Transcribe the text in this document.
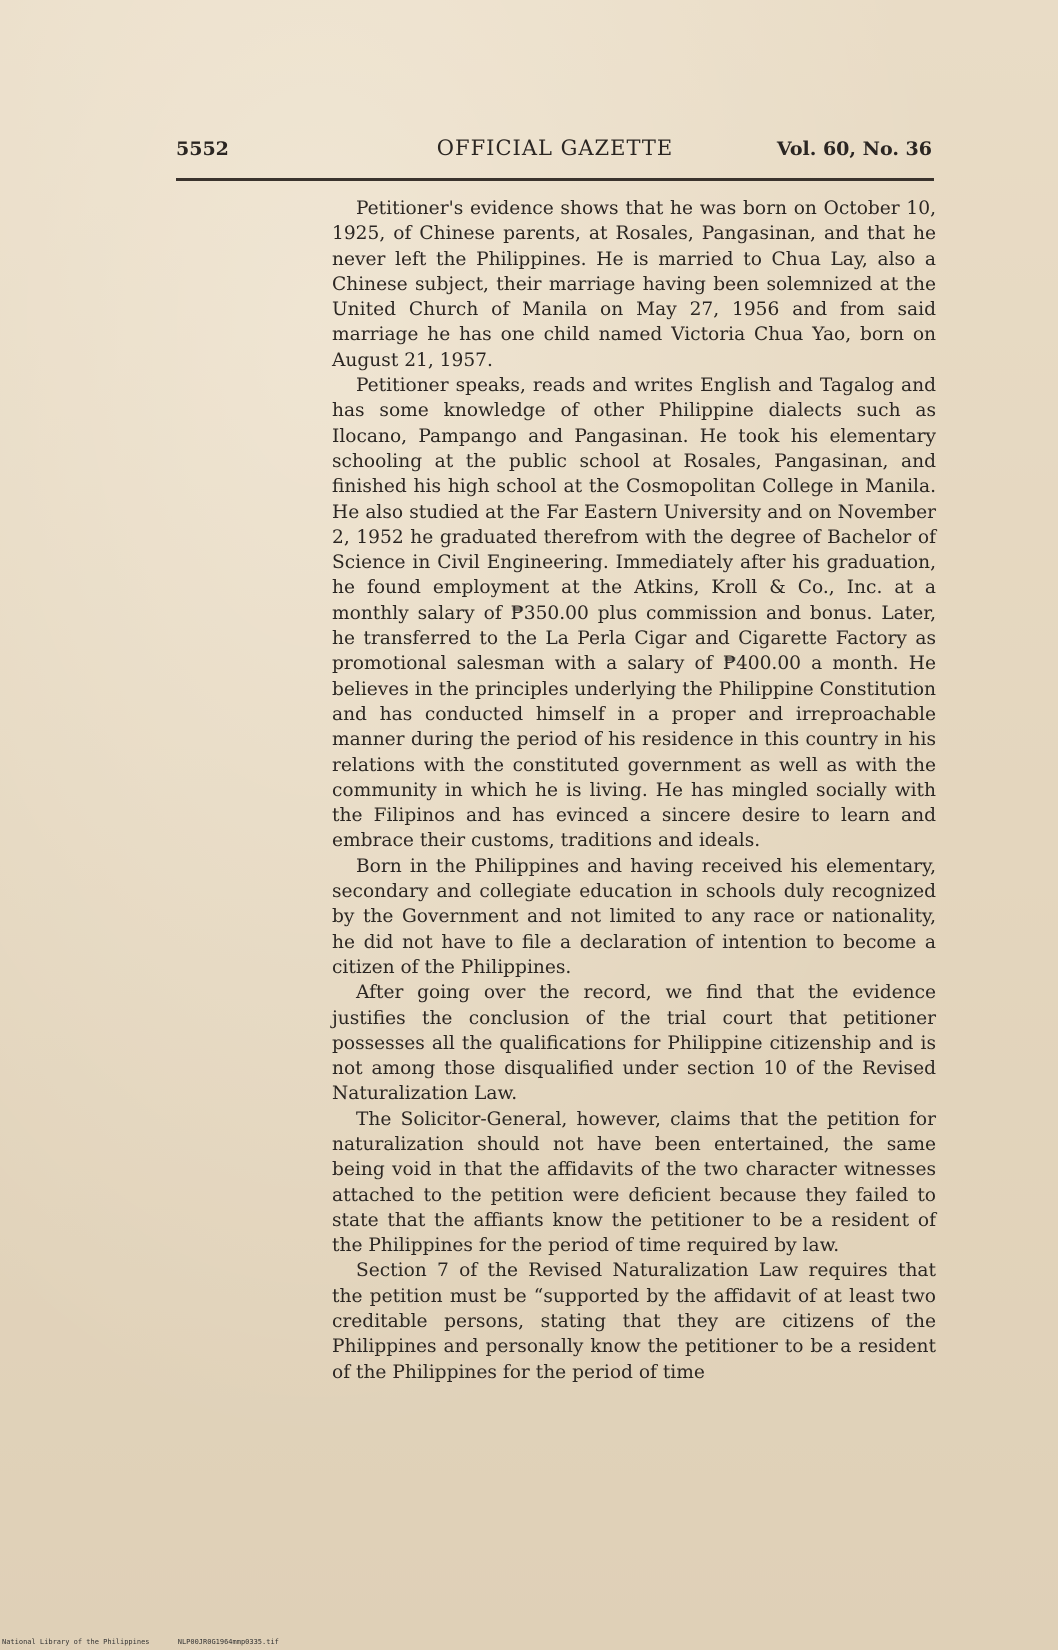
5552	OFFICIAL GAZETTE	Vol. 60, No. 36

Petitioner's evidence shows that he was born on October 10, 1925, of Chinese parents, at Rosales, Pangasinan, and that he never left the Philippines. He is married to Chua Lay, also a Chinese subject, their marriage having been solemnized at the United Church of Manila on May 27, 1956 and from said marriage he has one child named Victoria Chua Yao, born on August 21, 1957.

Petitioner speaks, reads and writes English and Tagalog and has some knowledge of other Philippine dialects such as Ilocano, Pampango and Pangasinan. He took his elementary schooling at the public school at Rosales, Pangasinan, and finished his high school at the Cosmopolitan College in Manila. He also studied at the Far Eastern University and on November 2, 1952 he graduated therefrom with the degree of Bachelor of Science in Civil Engineering. Immediately after his graduation, he found employment at the Atkins, Kroll & Co., Inc. at a monthly salary of ₱350.00 plus commission and bonus. Later, he transferred to the La Perla Cigar and Cigarette Factory as promotional salesman with a salary of ₱400.00 a month. He believes in the principles underlying the Philippine Constitution and has conducted himself in a proper and irreproachable manner during the period of his residence in this country in his relations with the constituted government as well as with the community in which he is living. He has mingled socially with the Filipinos and has evinced a sincere desire to learn and embrace their customs, traditions and ideals.

Born in the Philippines and having received his elementary, secondary and collegiate education in schools duly recognized by the Government and not limited to any race or nationality, he did not have to file a declaration of intention to become a citizen of the Philippines.

After going over the record, we find that the evidence justifies the conclusion of the trial court that petitioner possesses all the qualifications for Philippine citizenship and is not among those disqualified under section 10 of the Revised Naturalization Law.

The Solicitor-General, however, claims that the petition for naturalization should not have been entertained, the same being void in that the affidavits of the two character witnesses attached to the petition were deficient because they failed to state that the affiants know the petitioner to be a resident of the Philippines for the period of time required by law.

Section 7 of the Revised Naturalization Law requires that the petition must be “supported by the affidavit of at least two creditable persons, stating that they are citizens of the Philippines and personally know the petitioner to be a resident of the Philippines for the period of time

National Library of the Philippines	NLP00JR0G1964mmp0335.tif
